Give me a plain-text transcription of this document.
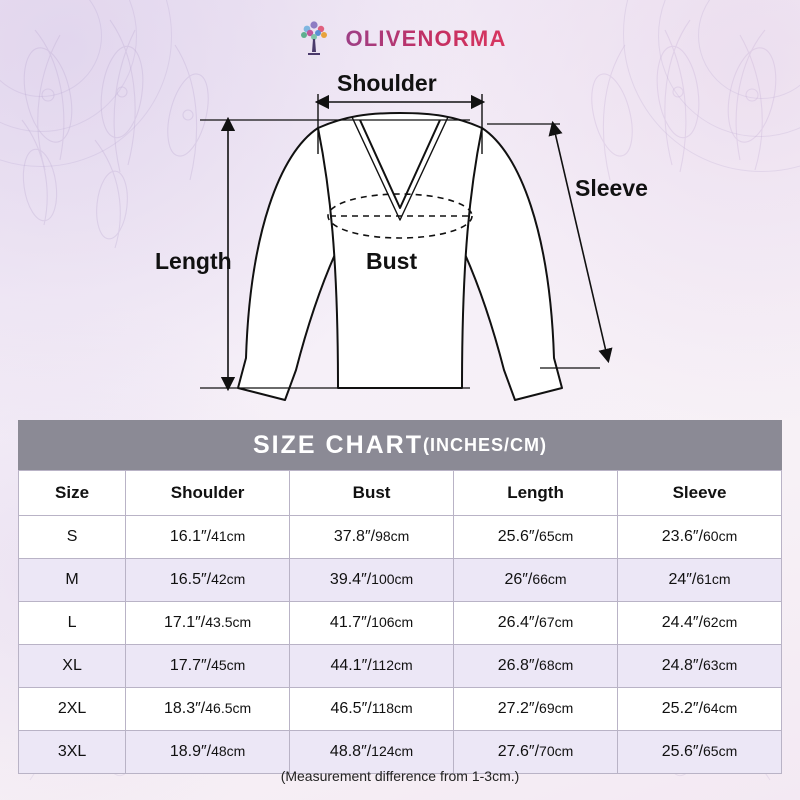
OLIVENORMA
Shoulder
Sleeve
Length	Bust
SIZE CHART (INCHES/CM)
Size	Shoulder	Bust	Length	Sleeve
S	16.1″/41cm	37.8″/98cm	25.6″/65cm	23.6″/60cm
M	16.5″/42cm	39.4″/100cm	26″/66cm	24″/61cm
L	17.1″/43.5cm	41.7″/106cm	26.4″/67cm	24.4″/62cm
XL	17.7″/45cm	44.1″/112cm	26.8″/68cm	24.8″/63cm
2XL	18.3″/46.5cm	46.5″/118cm	27.2″/69cm	25.2″/64cm
3XL	18.9″/48cm	48.8″/124cm	27.6″/70cm	25.6″/65cm
(Measurement difference from 1-3cm.)
